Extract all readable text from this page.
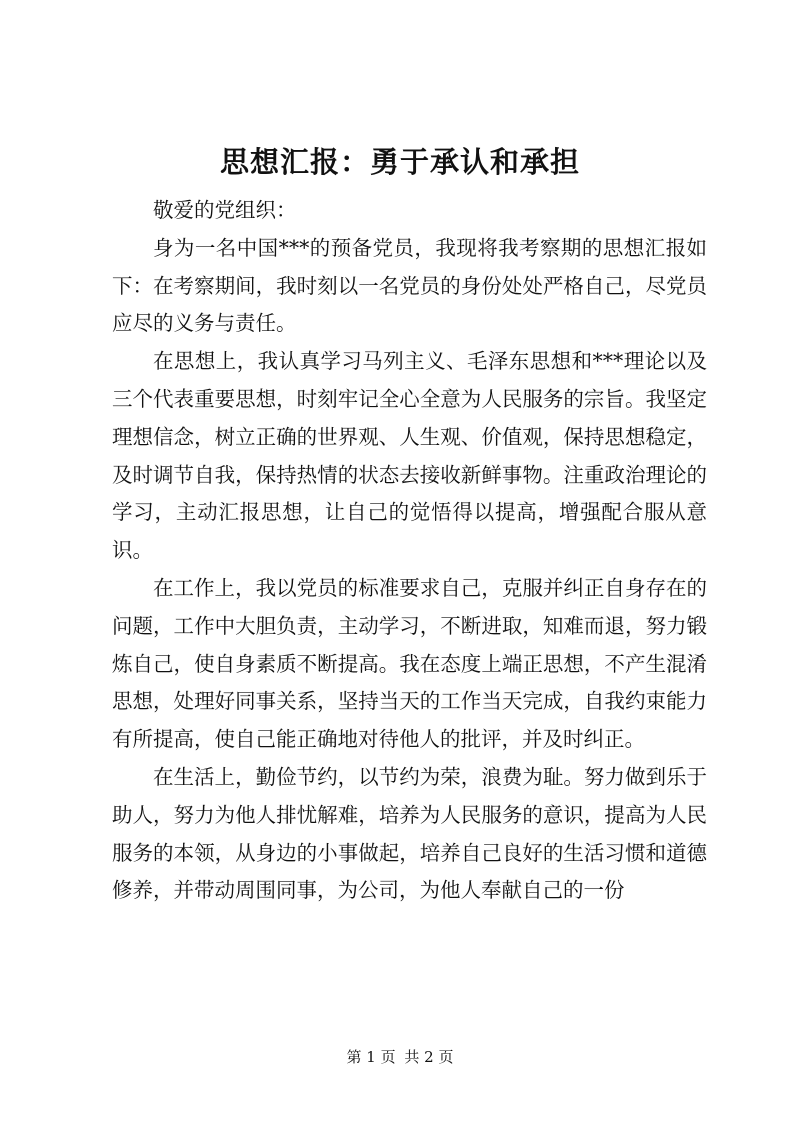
思想汇报：勇于承认和承担
敬爱的党组织：

身为一名中国***的预备党员，我现将我考察期的思想汇报如下：在考察期间，我时刻以一名党员的身份处处严格自己，尽党员应尽的义务与责任。

在思想上，我认真学习马列主义、毛泽东思想和***理论以及三个代表重要思想，时刻牢记全心全意为人民服务的宗旨。我坚定理想信念，树立正确的世界观、人生观、价值观，保持思想稳定，及时调节自我，保持热情的状态去接收新鲜事物。注重政治理论的学习，主动汇报思想，让自己的觉悟得以提高，增强配合服从意识。

在工作上，我以党员的标准要求自己，克服并纠正自身存在的问题，工作中大胆负责，主动学习，不断进取，知难而退，努力锻炼自己，使自身素质不断提高。我在态度上端正思想，不产生混淆思想，处理好同事关系，坚持当天的工作当天完成，自我约束能力有所提高，使自己能正确地对待他人的批评，并及时纠正。

在生活上，勤俭节约，以节约为荣，浪费为耻。努力做到乐于助人，努力为他人排忧解难，培养为人民服务的意识，提高为人民服务的本领，从身边的小事做起，培养自己良好的生活习惯和道德修养，并带动周围同事，为公司，为他人奉献自己的一份

第 1 页 共 2 页
